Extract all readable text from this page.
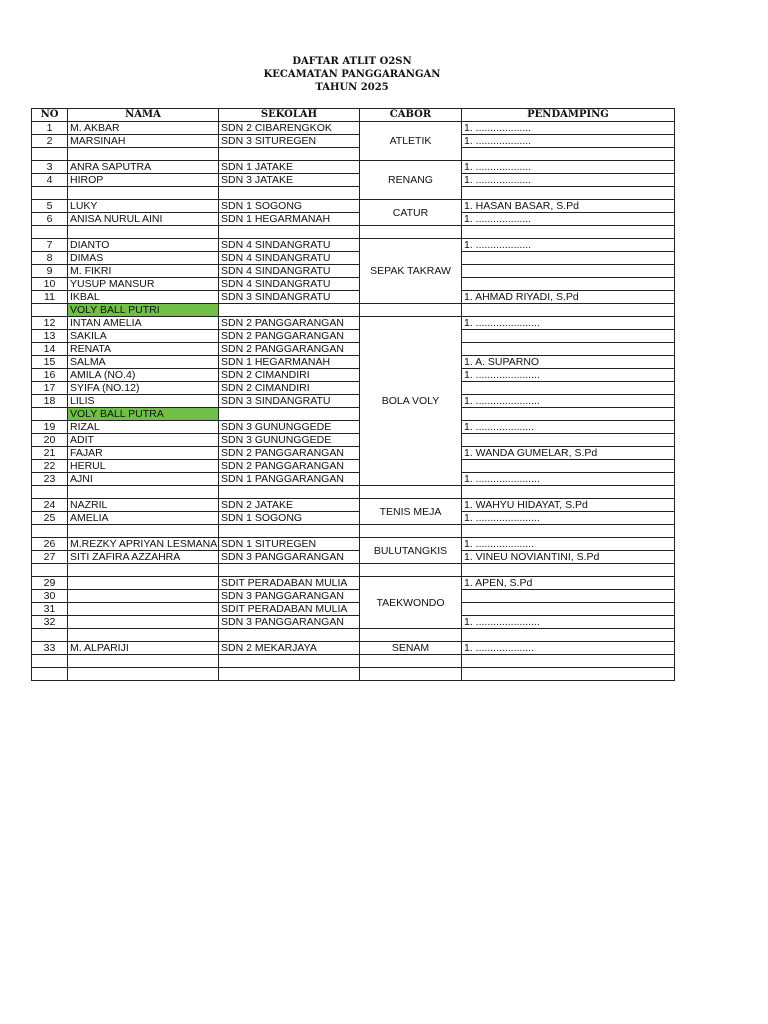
DAFTAR ATLIT O2SN
KECAMATAN PANGGARANGAN
TAHUN 2025
NO	NAMA	SEKOLAH	CABOR	PENDAMPING
1	M. AKBAR	SDN 2 CIBARENGKOK	ATLETIK	1. ...................
2	MARSINAH	SDN 3 SITUREGEN		1. ...................

3	ANRA SAPUTRA	SDN 1 JATAKE	RENANG	1. ...................
4	HIROP	SDN 3 JATAKE		1. ...................

5	LUKY	SDN 1 SOGONG	CATUR	1. HASAN BASAR, S.Pd
6	ANISA NURUL AINI	SDN 1 HEGARMANAH		1. ...................

7	DIANTO	SDN 4 SINDANGRATU	SEPAK TAKRAW	1. ...................
8	DIMAS	SDN 4 SINDANGRATU		
9	M. FIKRI	SDN 4 SINDANGRATU		
10	YUSUP MANSUR	SDN 4 SINDANGRATU		
11	IKBAL	SDN 3 SINDANGRATU		1. AHMAD RIYADI, S.Pd
	VOLY BALL PUTRI			
12	INTAN AMELIA	SDN 2 PANGGARANGAN	BOLA VOLY	1. ......................
13	SAKILA	SDN 2 PANGGARANGAN		
14	RENATA	SDN 2 PANGGARANGAN		
15	SALMA	SDN 1 HEGARMANAH		1. A. SUPARNO
16	AMILA (NO.4)	SDN 2 CIMANDIRI		1. ......................
17	SYIFA (NO.12)	SDN 2 CIMANDIRI		
18	LILIS	SDN 3 SINDANGRATU		1. ......................
	VOLY BALL PUTRA			
19	RIZAL	SDN 3 GUNUNGGEDE		1. ....................
20	ADIT	SDN 3 GUNUNGGEDE		
21	FAJAR	SDN 2 PANGGARANGAN		1. WANDA GUMELAR, S.Pd
22	HERUL	SDN 2 PANGGARANGAN		
23	AJNI	SDN 1 PANGGARANGAN		1. ......................

24	NAZRIL	SDN 2 JATAKE	TENIS MEJA	1. WAHYU HIDAYAT, S.Pd
25	AMELIA	SDN 1 SOGONG		1. ......................

26	M.REZKY APRIYAN LESMANA	SDN 1 SITUREGEN	BULUTANGKIS	1. ....................
27	SITI ZAFIRA AZZAHRA	SDN 3 PANGGARANGAN		1. VINEU NOVIANTINI, S.Pd

29		SDIT PERADABAN MULIA	TAEKWONDO	1. APEN, S.Pd
30		SDN 3 PANGGARANGAN		
31		SDIT PERADABAN MULIA		
32		SDN 3 PANGGARANGAN		1. ......................

33	M. ALPARIJI	SDN 2 MEKARJAYA	SENAM	1. ....................
